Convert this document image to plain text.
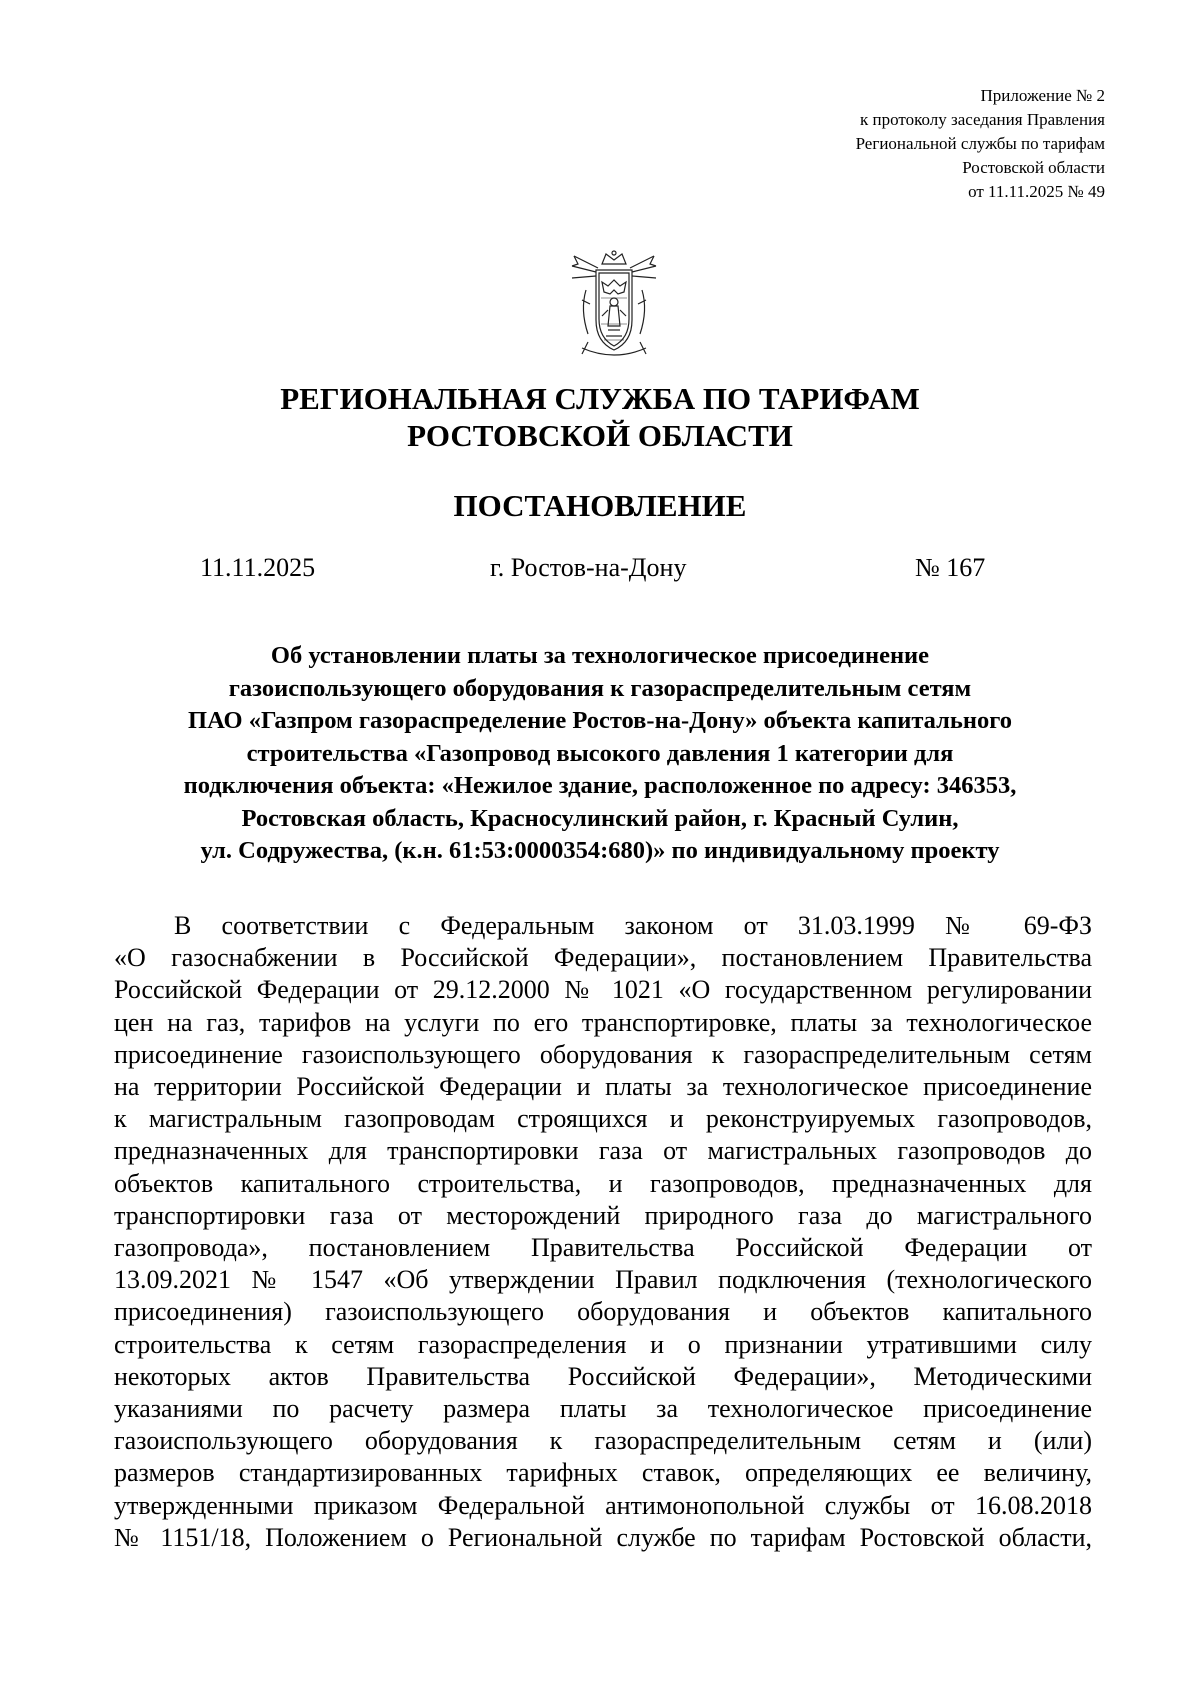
Приложение № 2
к протоколу заседания Правления
Региональной службы по тарифам
Ростовской области
от 11.11.2025 № 49
РЕГИОНАЛЬНАЯ СЛУЖБА ПО ТАРИФАМ
РОСТОВСКОЙ ОБЛАСТИ
ПОСТАНОВЛЕНИЕ
11.11.2025	г. Ростов-на-Дону	№ 167
Об установлении платы за технологическое присоединение
газоиспользующего оборудования к газораспределительным сетям
ПАО «Газпром газораспределение Ростов-на-Дону» объекта капитального
строительства «Газопровод высокого давления 1 категории для
подключения объекта: «Нежилое здание, расположенное по адресу: 346353,
Ростовская область, Красносулинский район, г. Красный Сулин,
ул. Содружества, (к.н. 61:53:0000354:680)» по индивидуальному проекту
В соответствии с Федеральным законом от 31.03.1999 № 69-ФЗ
«О газоснабжении в Российской Федерации», постановлением Правительства
Российской Федерации от 29.12.2000 № 1021 «О государственном регулировании
цен на газ, тарифов на услуги по его транспортировке, платы за технологическое
присоединение газоиспользующего оборудования к газораспределительным сетям
на территории Российской Федерации и платы за технологическое присоединение
к магистральным газопроводам строящихся и реконструируемых газопроводов,
предназначенных для транспортировки газа от магистральных газопроводов до
объектов капитального строительства, и газопроводов, предназначенных для
транспортировки газа от месторождений природного газа до магистрального
газопровода», постановлением Правительства Российской Федерации от
13.09.2021 № 1547 «Об утверждении Правил подключения (технологического
присоединения) газоиспользующего оборудования и объектов капитального
строительства к сетям газораспределения и о признании утратившими силу
некоторых актов Правительства Российской Федерации», Методическими
указаниями по расчету размера платы за технологическое присоединение
газоиспользующего оборудования к газораспределительным сетям и (или)
размеров стандартизированных тарифных ставок, определяющих ее величину,
утвержденными приказом Федеральной антимонопольной службы от 16.08.2018
№ 1151/18, Положением о Региональной службе по тарифам Ростовской области,
